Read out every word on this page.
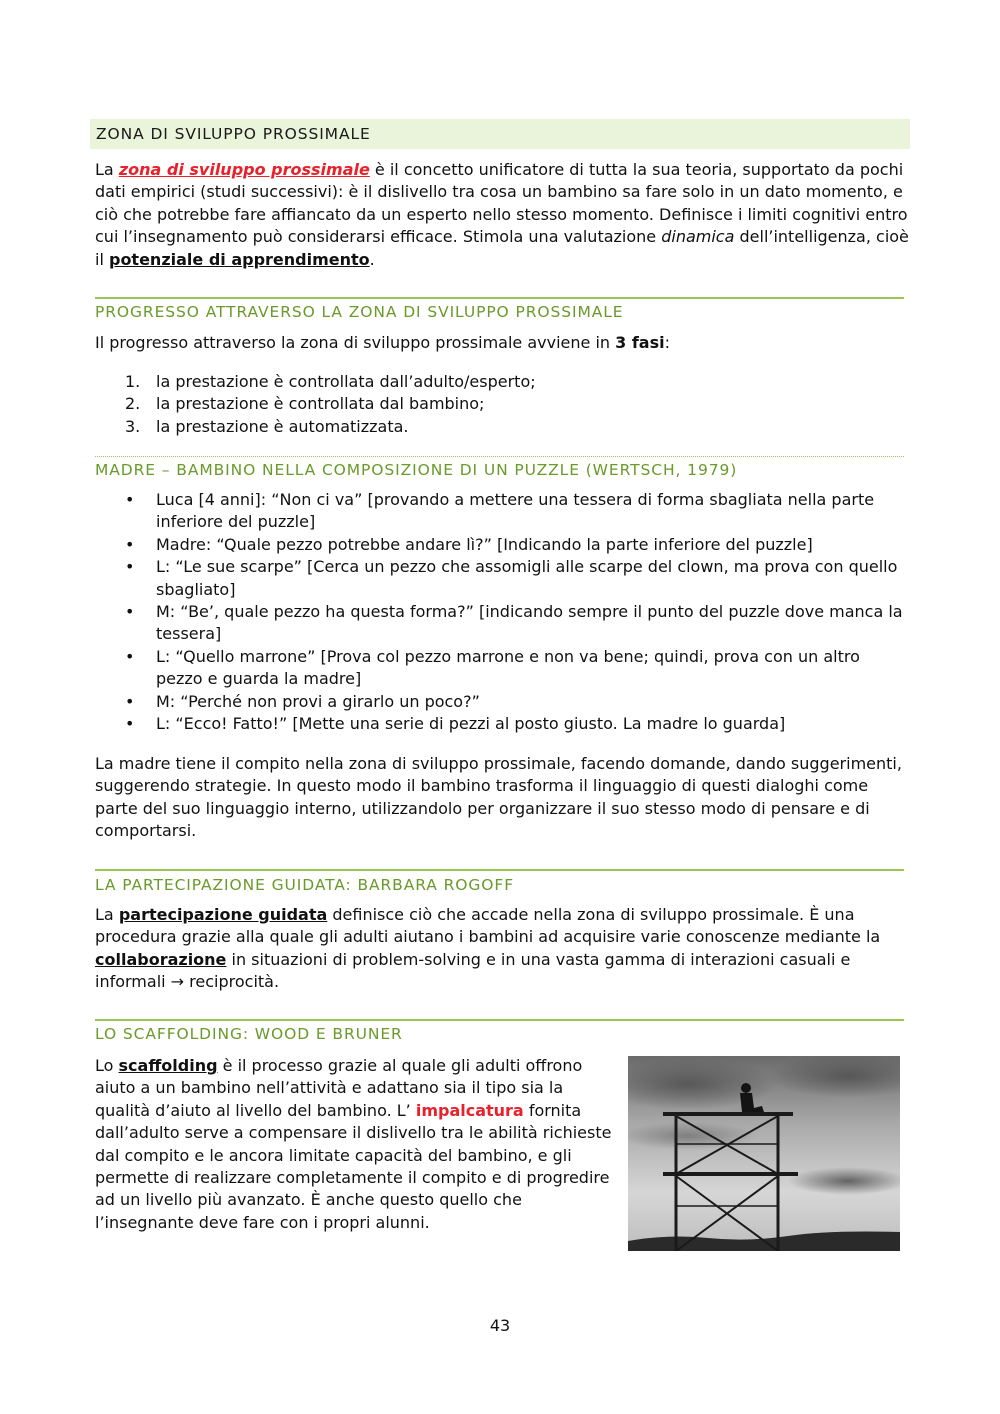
ZONA DI SVILUPPO PROSSIMALE

La zona di sviluppo prossimale è il concetto unificatore di tutta la sua teoria, supportato da pochi dati empirici (studi successivi): è il dislivello tra cosa un bambino sa fare solo in un dato momento, e ciò che potrebbe fare affiancato da un esperto nello stesso momento. Definisce i limiti cognitivi entro cui l’insegnamento può considerarsi efficace. Stimola una valutazione dinamica dell’intelligenza, cioè il potenziale di apprendimento.

PROGRESSO ATTRAVERSO LA ZONA DI SVILUPPO PROSSIMALE

Il progresso attraverso la zona di sviluppo prossimale avviene in 3 fasi:

1. la prestazione è controllata dall’adulto/esperto;
2. la prestazione è controllata dal bambino;
3. la prestazione è automatizzata.
MADRE – BAMBINO NELLA COMPOSIZIONE DI UN PUZZLE (WERTSCH, 1979)
• Luca [4 anni]: “Non ci va” [provando a mettere una tessera di forma sbagliata nella parte inferiore del puzzle]
• Madre: “Quale pezzo potrebbe andare lì?” [Indicando la parte inferiore del puzzle]
• L: “Le sue scarpe” [Cerca un pezzo che assomigli alle scarpe del clown, ma prova con quello sbagliato]
• M: “Be’, quale pezzo ha questa forma?” [indicando sempre il punto del puzzle dove manca la tessera]
• L: “Quello marrone” [Prova col pezzo marrone e non va bene; quindi, prova con un altro pezzo e guarda la madre]
• M: “Perché non provi a girarlo un poco?”
• L: “Ecco! Fatto!” [Mette una serie di pezzi al posto giusto. La madre lo guarda]

La madre tiene il compito nella zona di sviluppo prossimale, facendo domande, dando suggerimenti, suggerendo strategie. In questo modo il bambino trasforma il linguaggio di questi dialoghi come parte del suo linguaggio interno, utilizzandolo per organizzare il suo stesso modo di pensare e di comportarsi.

LA PARTECIPAZIONE GUIDATA: BARBARA ROGOFF

La partecipazione guidata definisce ciò che accade nella zona di sviluppo prossimale. È una procedura grazie alla quale gli adulti aiutano i bambini ad acquisire varie conoscenze mediante la collaborazione in situazioni di problem-solving e in una vasta gamma di interazioni casuali e informali → reciprocità.

LO SCAFFOLDING: WOOD E BRUNER

Lo scaffolding è il processo grazie al quale gli adulti offrono aiuto a un bambino nell’attività e adattano sia il tipo sia la qualità d’aiuto al livello del bambino. L’ impalcatura fornita dall’adulto serve a compensare il dislivello tra le abilità richieste dal compito e le ancora limitate capacità del bambino, e gli permette di realizzare completamente il compito e di progredire ad un livello più avanzato. È anche questo quello che l’insegnante deve fare con i propri alunni.

43
